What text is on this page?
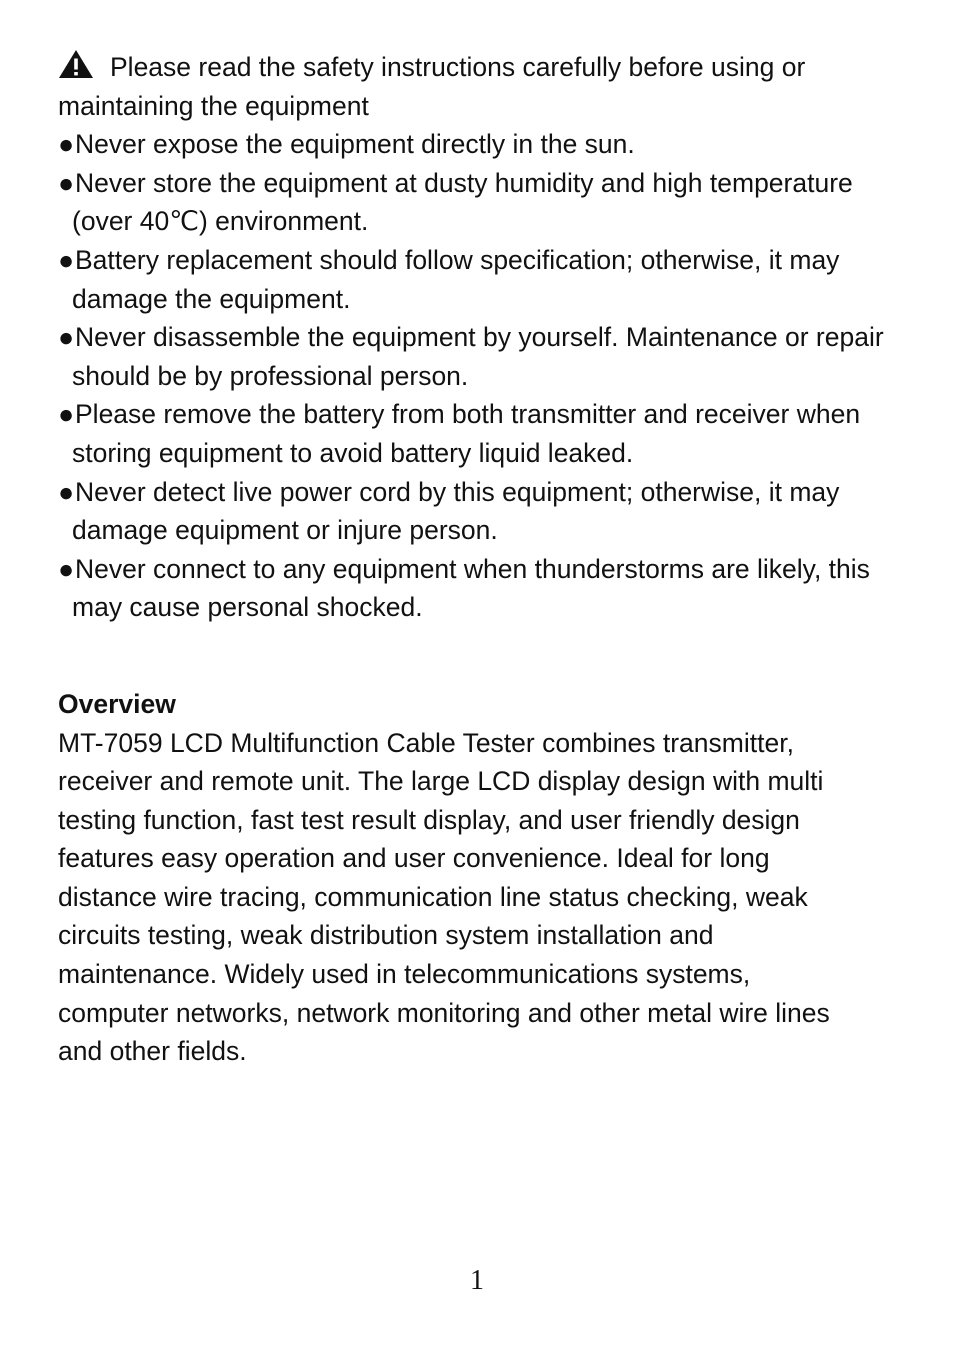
Please read the safety instructions carefully before using or maintaining the equipment
●Never expose the equipment directly in the sun.
●Never store the equipment at dusty humidity and high temperature (over 40℃) environment.
●Battery replacement should follow specification; otherwise, it may damage the equipment.
●Never disassemble the equipment by yourself. Maintenance or repair should be by professional person.
●Please remove the battery from both transmitter and receiver when storing equipment to avoid battery liquid leaked.
●Never detect live power cord by this equipment; otherwise, it may damage equipment or injure person.
●Never connect to any equipment when thunderstorms are likely, this may cause personal shocked.
Overview
MT-7059 LCD Multifunction Cable Tester combines transmitter,
receiver and remote unit. The large LCD display design with multi
testing function, fast test result display, and user friendly design
features easy operation and user convenience. Ideal for long
distance wire tracing, communication line status checking, weak
circuits testing, weak distribution system installation and
maintenance. Widely used in telecommunications systems,
computer networks, network monitoring and other metal wire lines
and other fields.
1
